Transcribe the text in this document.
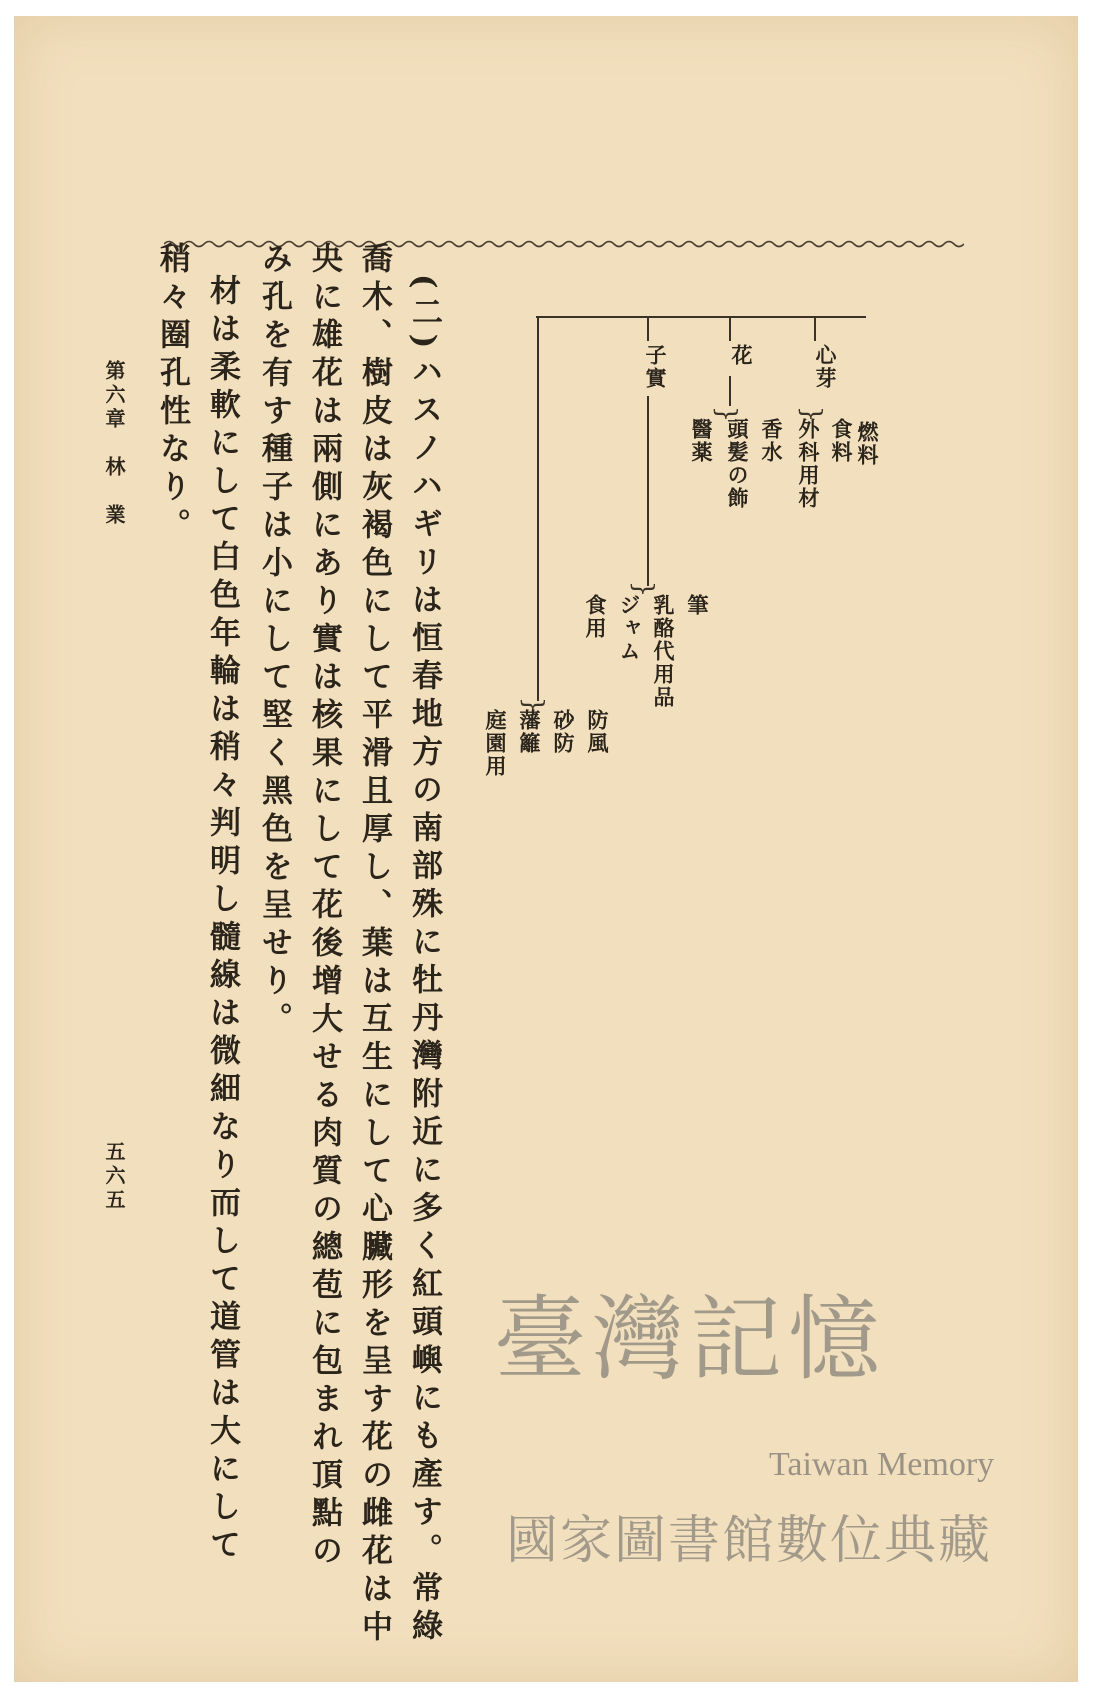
燃料
心芽
{
食料
外科用材
花
{
香水
頭髪の飾
醫薬
子實
{
筆
乳酪代用品
ジャム
食用
{
防風
砂防
藩籬
庭園用
(二)ハスノハギリは恒春地方の南部殊に牡丹灣附近に多く紅頭嶼にも產す。常綠
喬木、樹皮は灰褐色にして平滑且厚し、葉は互生にして心臟形を呈す花の雌花は中
央に雄花は兩側にあり實は核果にして花後增大せる肉質の總苞に包まれ頂點の
み孔を有す種子は小にして堅く黑色を呈せり。
材は柔軟にして白色年輪は稍々判明し髓線は微細なり而して道管は大にして
稍々圈孔性なり。
第六章　林　業
五六五
臺灣記憶
Taiwan Memory
國家圖書館數位典藏
